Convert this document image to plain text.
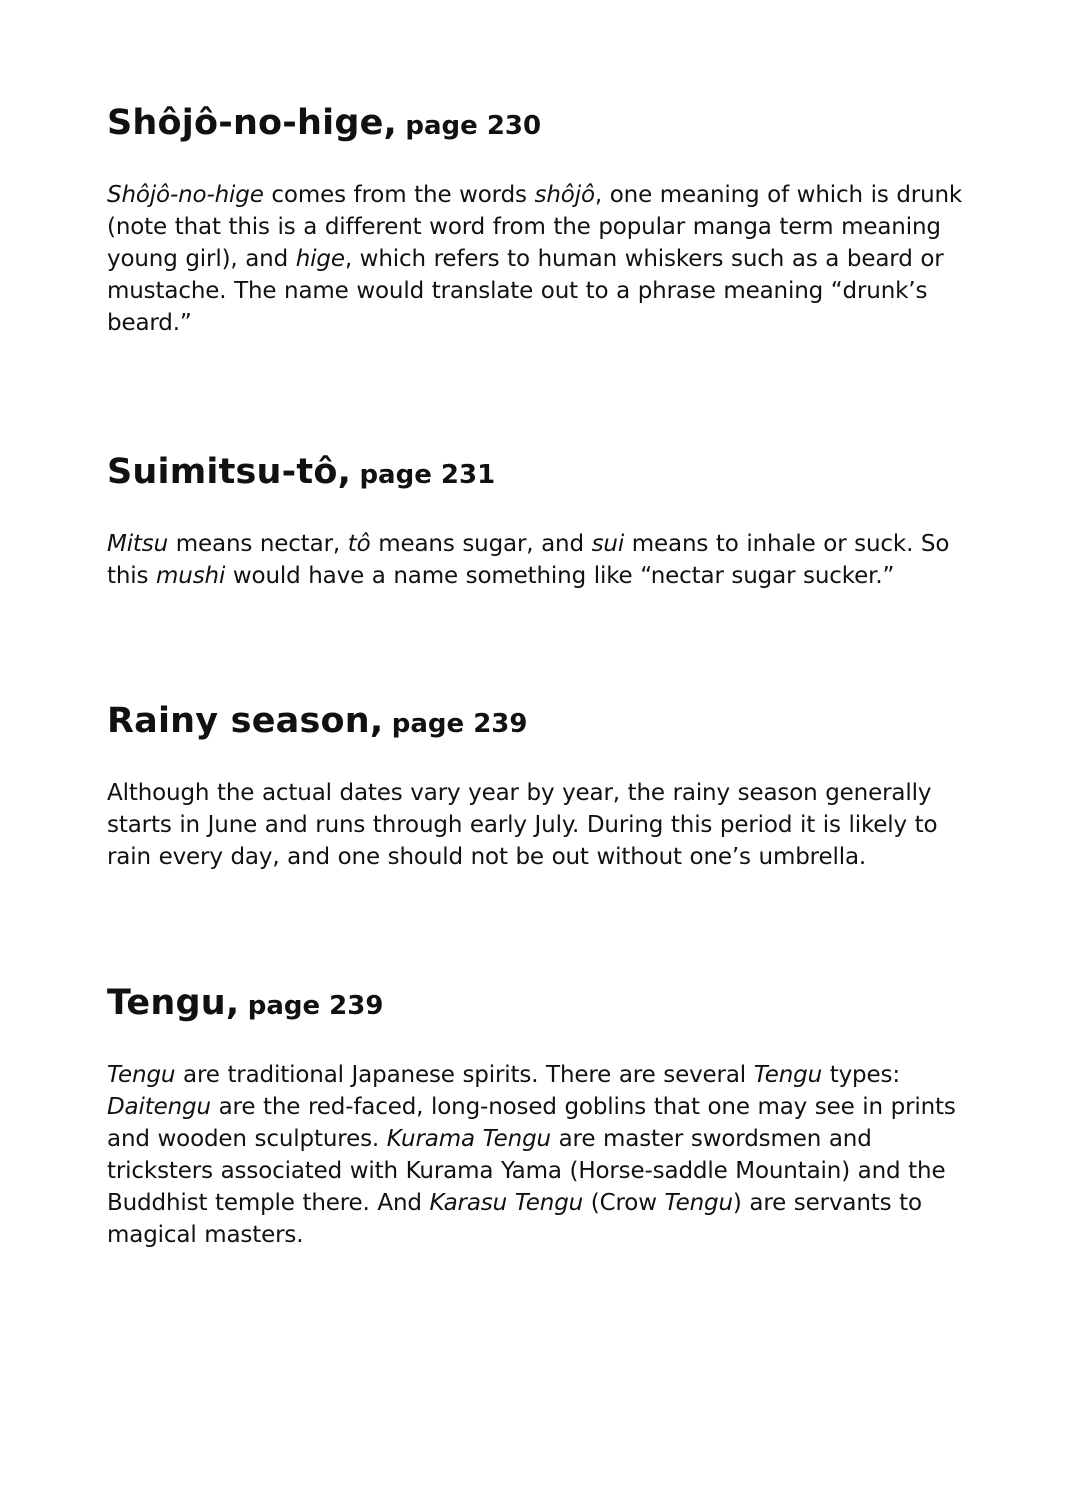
Shôjô-no-hige, page 230

Shôjô-no-hige comes from the words shôjô, one meaning of which is drunk (note that this is a different word from the popular manga term meaning young girl), and hige, which refers to human whiskers such as a beard or mustache. The name would translate out to a phrase meaning “drunk’s beard.”

Suimitsu-tô, page 231

Mitsu means nectar, tô means sugar, and sui means to inhale or suck. So this mushi would have a name something like “nectar sugar sucker.”

Rainy season, page 239

Although the actual dates vary year by year, the rainy season generally starts in June and runs through early July. During this period it is likely to rain every day, and one should not be out without one’s umbrella.

Tengu, page 239

Tengu are traditional Japanese spirits. There are several Tengu types: Daitengu are the red-faced, long-nosed goblins that one may see in prints and wooden sculptures. Kurama Tengu are master swordsmen and tricksters associated with Kurama Yama (Horse-saddle Mountain) and the Buddhist temple there. And Karasu Tengu (Crow Tengu) are servants to magical masters.
